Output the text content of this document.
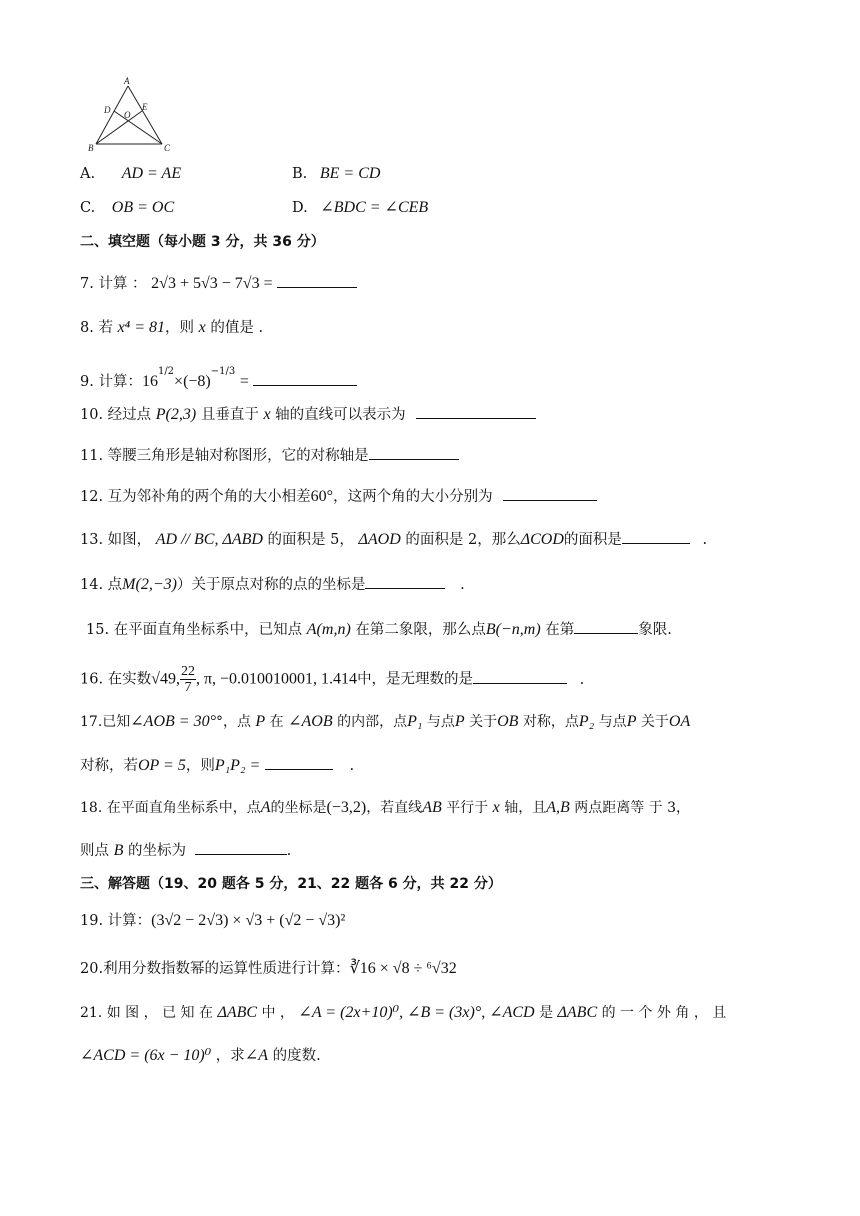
A
D O
E
B	C
A. AD = AE	B. BE = CD
C. OB = OC	D. ∠BDC = ∠CEB
二、填空题（每小题 3 分，共 36 分）
7. 计算 ： 2√3 + 5√3 − 7√3 =
8. 若 x⁴ = 81，则 x 的值是 .
9. 计算：$16^{1/2}\times(-8)^{-1/3}$ =
10. 经过点 P(2,3) 且垂直于 x 轴的直线可以表示为
11. 等腰三角形是轴对称图形，它的对称轴是
12. 互为邻补角的两个角的大小相差60°，这两个角的大小分别为
13. 如图， AD // BC, ΔABD 的面积是 5， ΔAOD 的面积是 2，那么ΔCOD的面积是	.
14. 点M(2,−3)）关于原点对称的点的坐标是	.
15. 在平面直角坐标系中，已知点 A(m,n) 在第二象限，那么点B(−n,m) 在第	象限.
16. 在实数√49, $\frac{22}{7}$ , π, −0.010010001, 1.414中，是无理数的是	.
17.已知∠AOB = 30°°，点 P 在 ∠AOB 的内部，点P₁ 与点P 关于OB 对称，点P₂ 与点P 关于OA
对称，若OP = 5，则P₁P₂ =	.
18. 在平面直角坐标系中，点A的坐标是(−3,2)，若直线AB 平行于 x 轴，且A,B 两点距离等 于 3，
则点 B 的坐标为	.
三、解答题（19、20 题各 5 分，21、22 题各 6 分，共 22 分）
19. 计算：(3√2 − 2√3) × √3 + (√2 − √3)²
20.利用分数指数幂的运算性质进行计算：∛16 × √8 ÷ ⁶√32
21. 如 图 ， 已 知 在 ΔABC 中 ， ∠A = (2x+10)⁰, ∠B = (3x)°, ∠ACD 是 ΔABC 的 一 个 外 角 ， 且
∠ACD = (6x − 10)⁰ ，求∠A 的度数.
